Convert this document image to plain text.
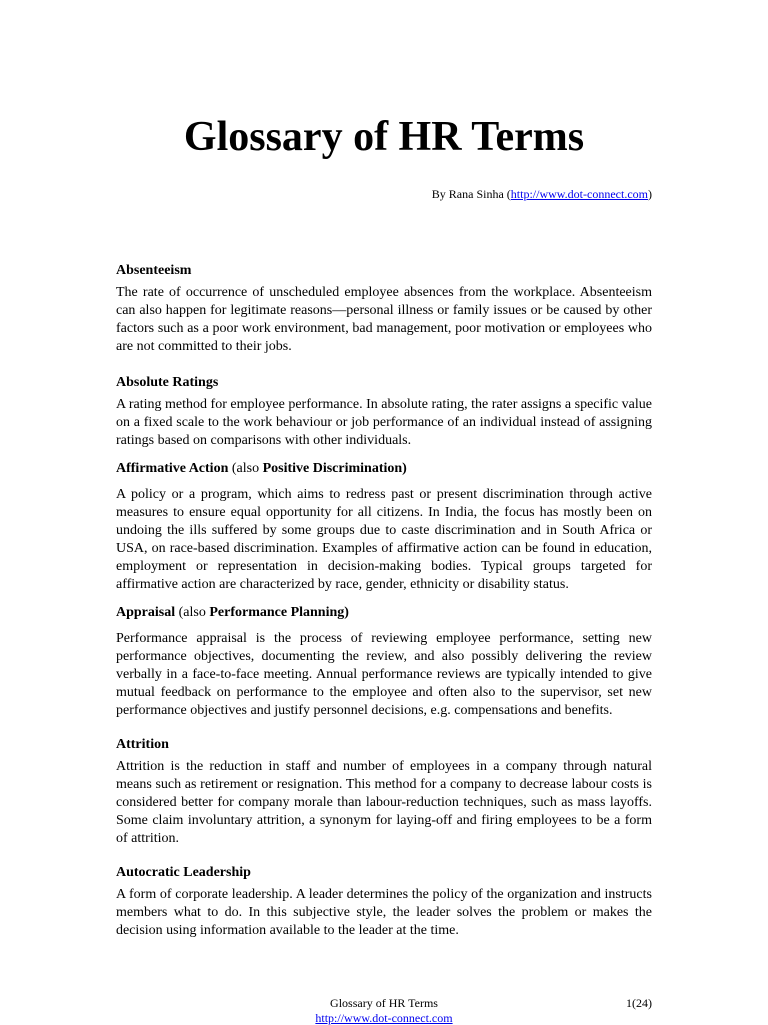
Glossary of HR Terms
By Rana Sinha (http://www.dot-connect.com)

Absenteeism

The rate of occurrence of unscheduled employee absences from the workplace. Absenteeism can also happen for legitimate reasons—personal illness or family issues or be caused by other factors such as a poor work environment, bad management, poor motivation or employees who are not committed to their jobs.

Absolute Ratings

A rating method for employee performance. In absolute rating, the rater assigns a specific value on a fixed scale to the work behaviour or job performance of an individual instead of assigning ratings based on comparisons with other individuals.

Affirmative Action (also Positive Discrimination)

A policy or a program, which aims to redress past or present discrimination through active measures to ensure equal opportunity for all citizens. In India, the focus has mostly been on undoing the ills suffered by some groups due to caste discrimination and in South Africa or USA, on race-based discrimination. Examples of affirmative action can be found in education, employment or representation in decision-making bodies. Typical groups targeted for affirmative action are characterized by race, gender, ethnicity or disability status.

Appraisal (also Performance Planning)

Performance appraisal is the process of reviewing employee performance, setting new performance objectives, documenting the review, and also possibly delivering the review verbally in a face-to-face meeting. Annual performance reviews are typically intended to give mutual feedback on performance to the employee and often also to the supervisor, set new performance objectives and justify personnel decisions, e.g. compensations and benefits.

Attrition

Attrition is the reduction in staff and number of employees in a company through natural means such as retirement or resignation. This method for a company to decrease labour costs is considered better for company morale than labour-reduction techniques, such as mass layoffs. Some claim involuntary attrition, a synonym for laying-off and firing employees to be a form of attrition.

Autocratic Leadership

A form of corporate leadership. A leader determines the policy of the organization and instructs members what to do. In this subjective style, the leader solves the problem or makes the decision using information available to the leader at the time.

Glossary of HR Terms
http://www.dot-connect.com
1(24)
